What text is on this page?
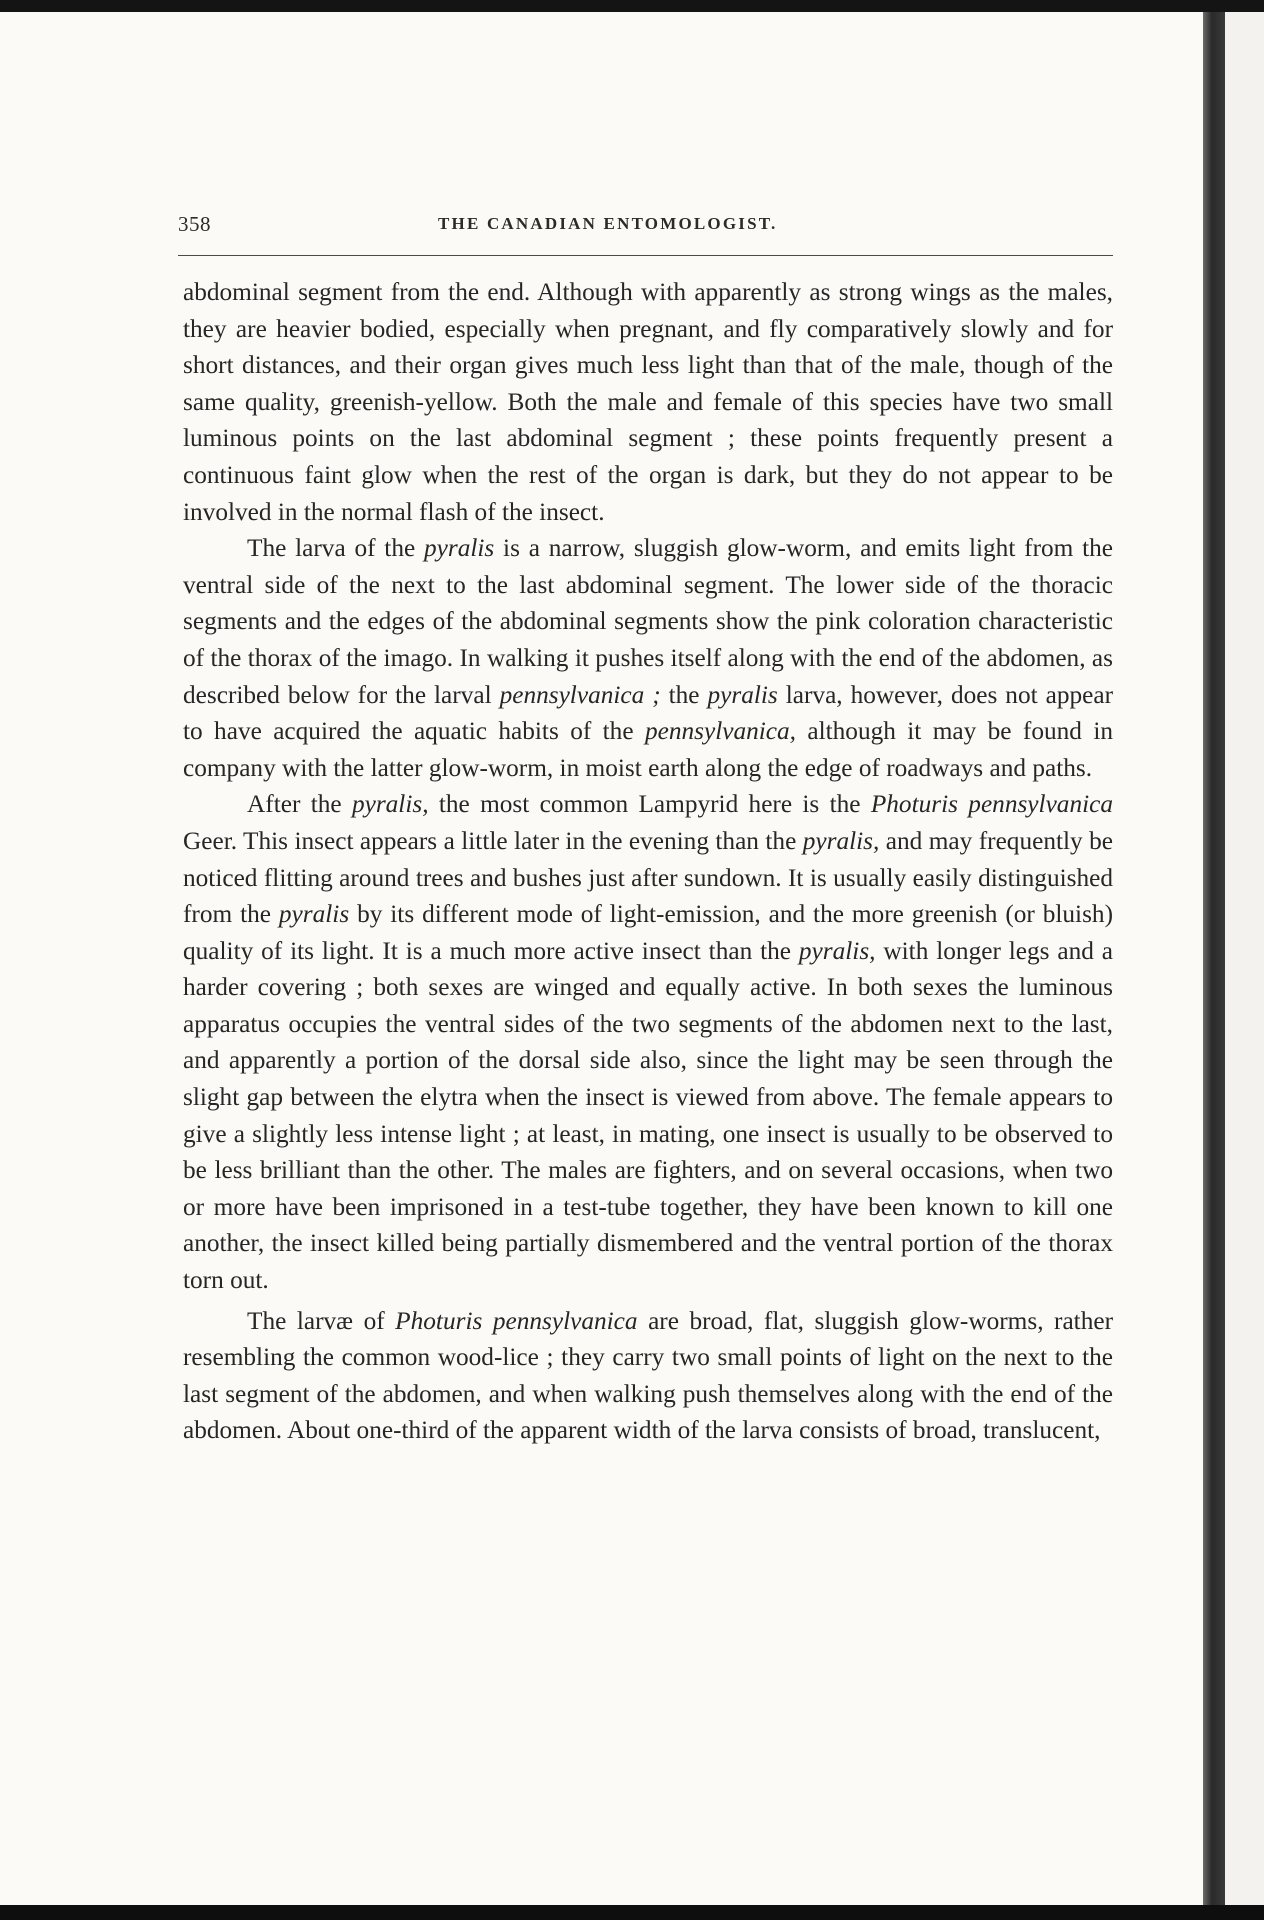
358	THE CANADIAN ENTOMOLOGIST.

abdominal segment from the end. Although with apparently as strong wings as the males, they are heavier bodied, especially when pregnant, and fly comparatively slowly and for short distances, and their organ gives much less light than that of the male, though of the same quality, greenish-yellow. Both the male and female of this species have two small luminous points on the last abdominal segment ; these points frequently present a continuous faint glow when the rest of the organ is dark, but they do not appear to be involved in the normal flash of the insect.

The larva of the pyralis is a narrow, sluggish glow-worm, and emits light from the ventral side of the next to the last abdominal segment. The lower side of the thoracic segments and the edges of the abdominal segments show the pink coloration characteristic of the thorax of the imago. In walking it pushes itself along with the end of the abdomen, as described below for the larval pennsylvanica ; the pyralis larva, however, does not appear to have acquired the aquatic habits of the pennsylvanica, although it may be found in company with the latter glow-worm, in moist earth along the edge of roadways and paths.

After the pyralis, the most common Lampyrid here is the Photuris pennsylvanica Geer. This insect appears a little later in the evening than the pyralis, and may frequently be noticed flitting around trees and bushes just after sundown. It is usually easily distinguished from the pyralis by its different mode of light-emission, and the more greenish (or bluish) quality of its light. It is a much more active insect than the pyralis, with longer legs and a harder covering ; both sexes are winged and equally active. In both sexes the luminous apparatus occupies the ventral sides of the two segments of the abdomen next to the last, and apparently a portion of the dorsal side also, since the light may be seen through the slight gap between the elytra when the insect is viewed from above. The female appears to give a slightly less intense light ; at least, in mating, one insect is usually to be observed to be less brilliant than the other. The males are fighters, and on several occasions, when two or more have been imprisoned in a test-tube together, they have been known to kill one another, the insect killed being partially dismembered and the ventral portion of the thorax torn out.

The larvæ of Photuris pennsylvanica are broad, flat, sluggish glow-worms, rather resembling the common wood-lice ; they carry two small points of light on the next to the last segment of the abdomen, and when walking push themselves along with the end of the abdomen. About one-third of the apparent width of the larva consists of broad, translucent,
